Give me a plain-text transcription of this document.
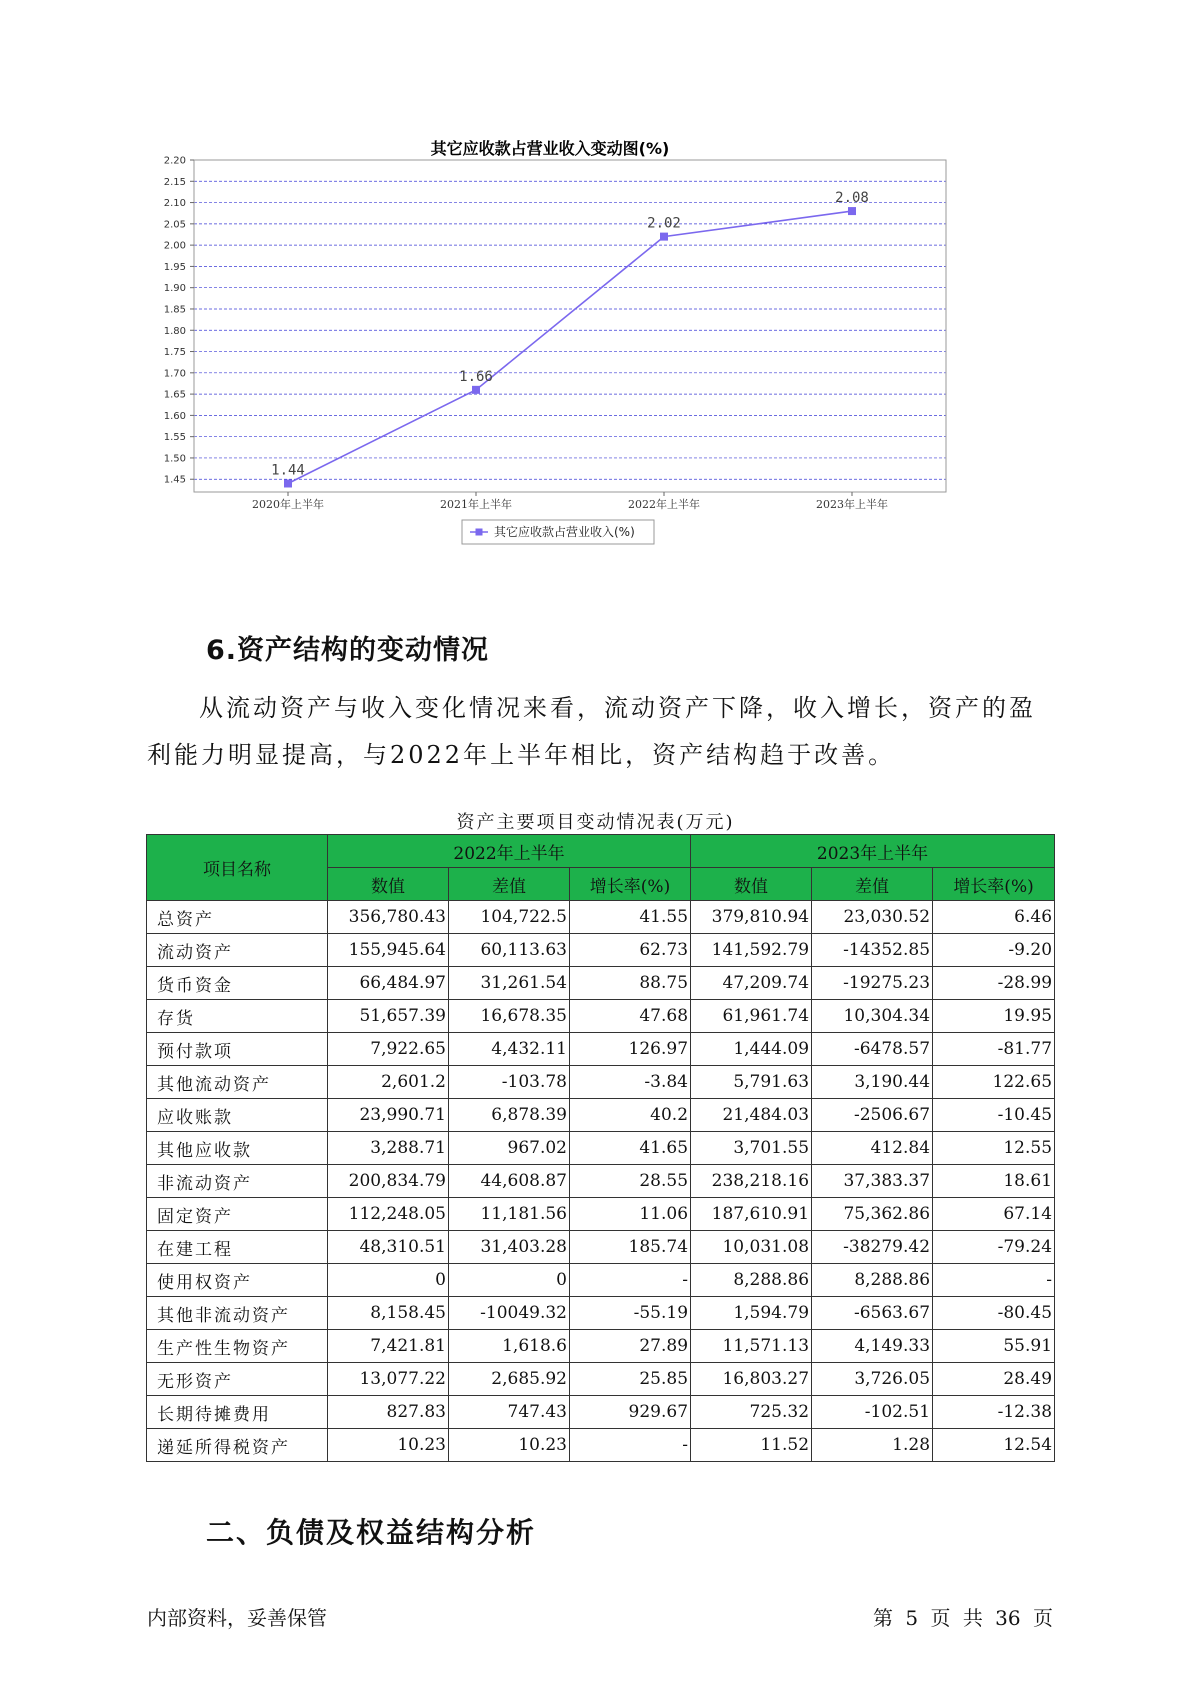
其它应收款占营业收入变动图(%)
1.45
1.50
1.55
1.60
1.65
1.70
1.75
1.80
1.85
1.90
1.95
2.00
2.05
2.10
2.15
2.20
2020年上半年	2021年上半年	2022年上半年	2023年上半年
1.44
1.66
2.02
2.08
其它应收款占营业收入(%)
6.资产结构的变动情况
从流动资产与收入变化情况来看，流动资产下降，收入增长，资产的盈利能力明显提高，与2022年上半年相比，资产结构趋于改善。
资产主要项目变动情况表(万元)
项目名称	2022年上半年			2023年上半年		
	数值	差值	增长率(%)	数值	差值	增长率(%)
总资产	356,780.43	104,722.5	41.55	379,810.94	23,030.52	6.46
流动资产	155,945.64	60,113.63	62.73	141,592.79	-14352.85	-9.20
货币资金	66,484.97	31,261.54	88.75	47,209.74	-19275.23	-28.99
存货	51,657.39	16,678.35	47.68	61,961.74	10,304.34	19.95
预付款项	7,922.65	4,432.11	126.97	1,444.09	-6478.57	-81.77
其他流动资产	2,601.2	-103.78	-3.84	5,791.63	3,190.44	122.65
应收账款	23,990.71	6,878.39	40.2	21,484.03	-2506.67	-10.45
其他应收款	3,288.71	967.02	41.65	3,701.55	412.84	12.55
非流动资产	200,834.79	44,608.87	28.55	238,218.16	37,383.37	18.61
固定资产	112,248.05	11,181.56	11.06	187,610.91	75,362.86	67.14
在建工程	48,310.51	31,403.28	185.74	10,031.08	-38279.42	-79.24
使用权资产	0	0	-	8,288.86	8,288.86	-
其他非流动资产	8,158.45	-10049.32	-55.19	1,594.79	-6563.67	-80.45
生产性生物资产	7,421.81	1,618.6	27.89	11,571.13	4,149.33	55.91
无形资产	13,077.22	2,685.92	25.85	16,803.27	3,726.05	28.49
长期待摊费用	827.83	747.43	929.67	725.32	-102.51	-12.38
递延所得税资产	10.23	10.23	-	11.52	1.28	12.54
二、负债及权益结构分析
内部资料，妥善保管	第 5 页 共 36 页
